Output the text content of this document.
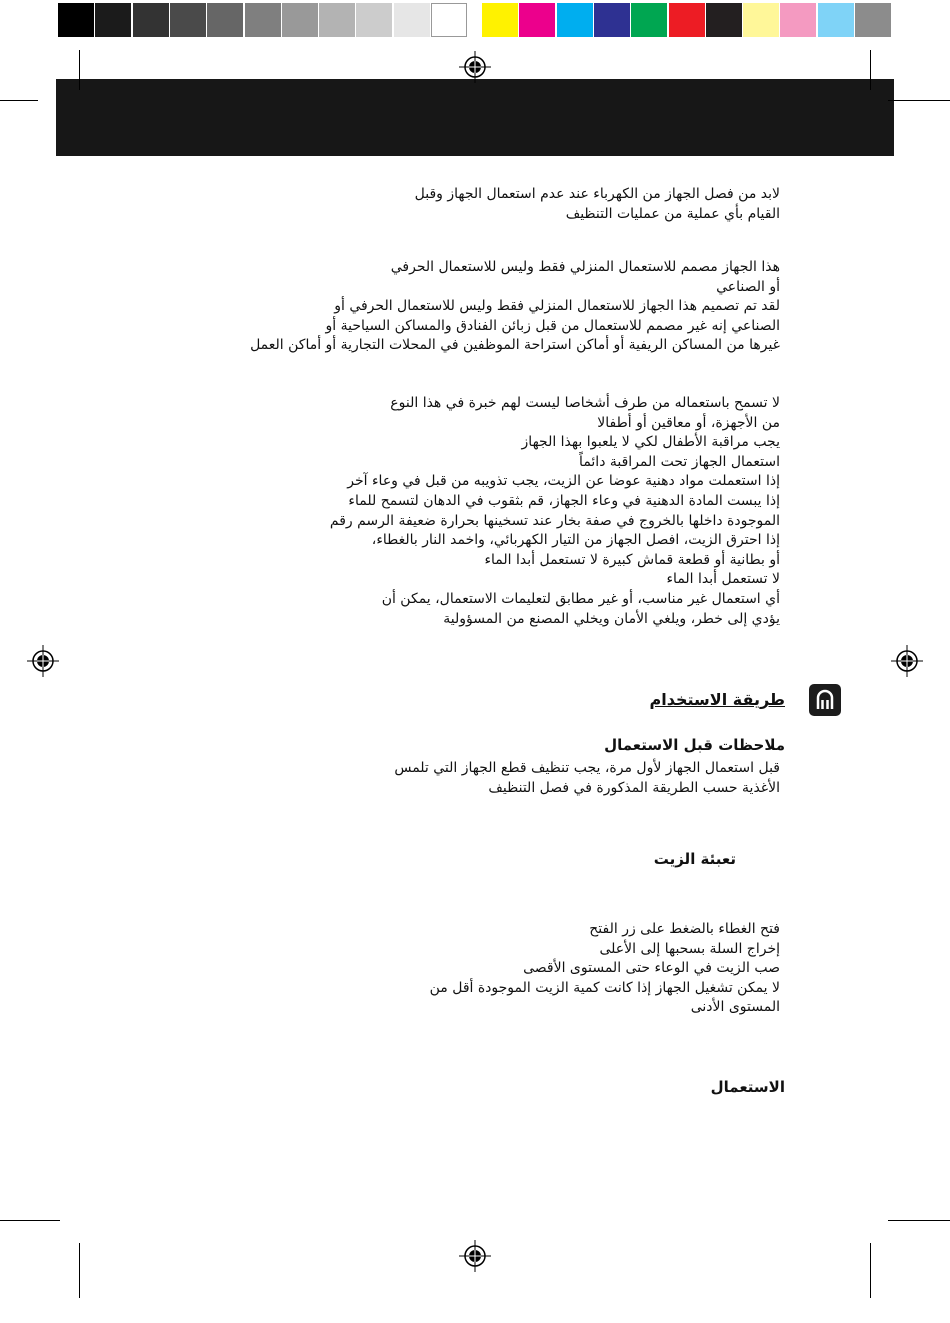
لابد من فصل الجهاز من الكهرباء عند عدم استعمال الجهاز وقبل
القيام بأي عملية من عمليات التنظيف
هذا الجهاز مصمم للاستعمال المنزلي فقط وليس للاستعمال الحرفي
أو الصناعي
لقد تم تصميم هذا الجهاز للاستعمال المنزلي فقط وليس للاستعمال الحرفي أو
الصناعي إنه غير مصمم للاستعمال من قبل زبائن الفنادق والمساكن السياحية أو
غيرها من المساكن الريفية أو أماكن استراحة الموظفين في المحلات التجارية أو أماكن العمل
لا تسمح باستعماله من طرف أشخاصا ليست لهم خبرة في هذا النوع
من الأجهزة، أو معاقين أو أطفالا
يجب مراقبة الأطفال لكي لا يلعبوا بهذا الجهاز
استعمال الجهاز تحت المراقبة دائماً
إذا استعملت مواد دهنية عوضا عن الزيت، يجب تذويبه من قبل في وعاء آخر
إذا يبست المادة الدهنية في وعاء الجهاز، قم بثقوب في الدهان لتسمح للماء
الموجودة داخلها بالخروج في صفة بخار عند تسخينها بحرارة ضعيفة الرسم رقم
إذا احترق الزيت، افصل الجهاز من التيار الكهربائي، واخمد النار بالغطاء،
أو بطانية أو قطعة قماش كبيرة لا تستعمل أبدا الماء
لا تستعمل أبدا الماء
أي استعمال غير مناسب، أو غير مطابق لتعليمات الاستعمال، يمكن أن
يؤدي إلى خطر، ويلغي الأمان ويخلي المصنع من المسؤولية
طريقة الاستخدام
ملاحظات قبل الاستعمال
قبل استعمال الجهاز لأول مرة، يجب تنظيف قطع الجهاز التي تلمس
الأغذية حسب الطريقة المذكورة في فصل التنظيف
تعبئة الزيت
فتح الغطاء بالضغط على زر الفتح
إخراج السلة بسحبها إلى الأعلى
صب الزيت في الوعاء حتى المستوى الأقصى
لا يمكن تشغيل الجهاز إذا كانت كمية الزيت الموجودة أقل من
المستوى الأدنى
الاستعمال
